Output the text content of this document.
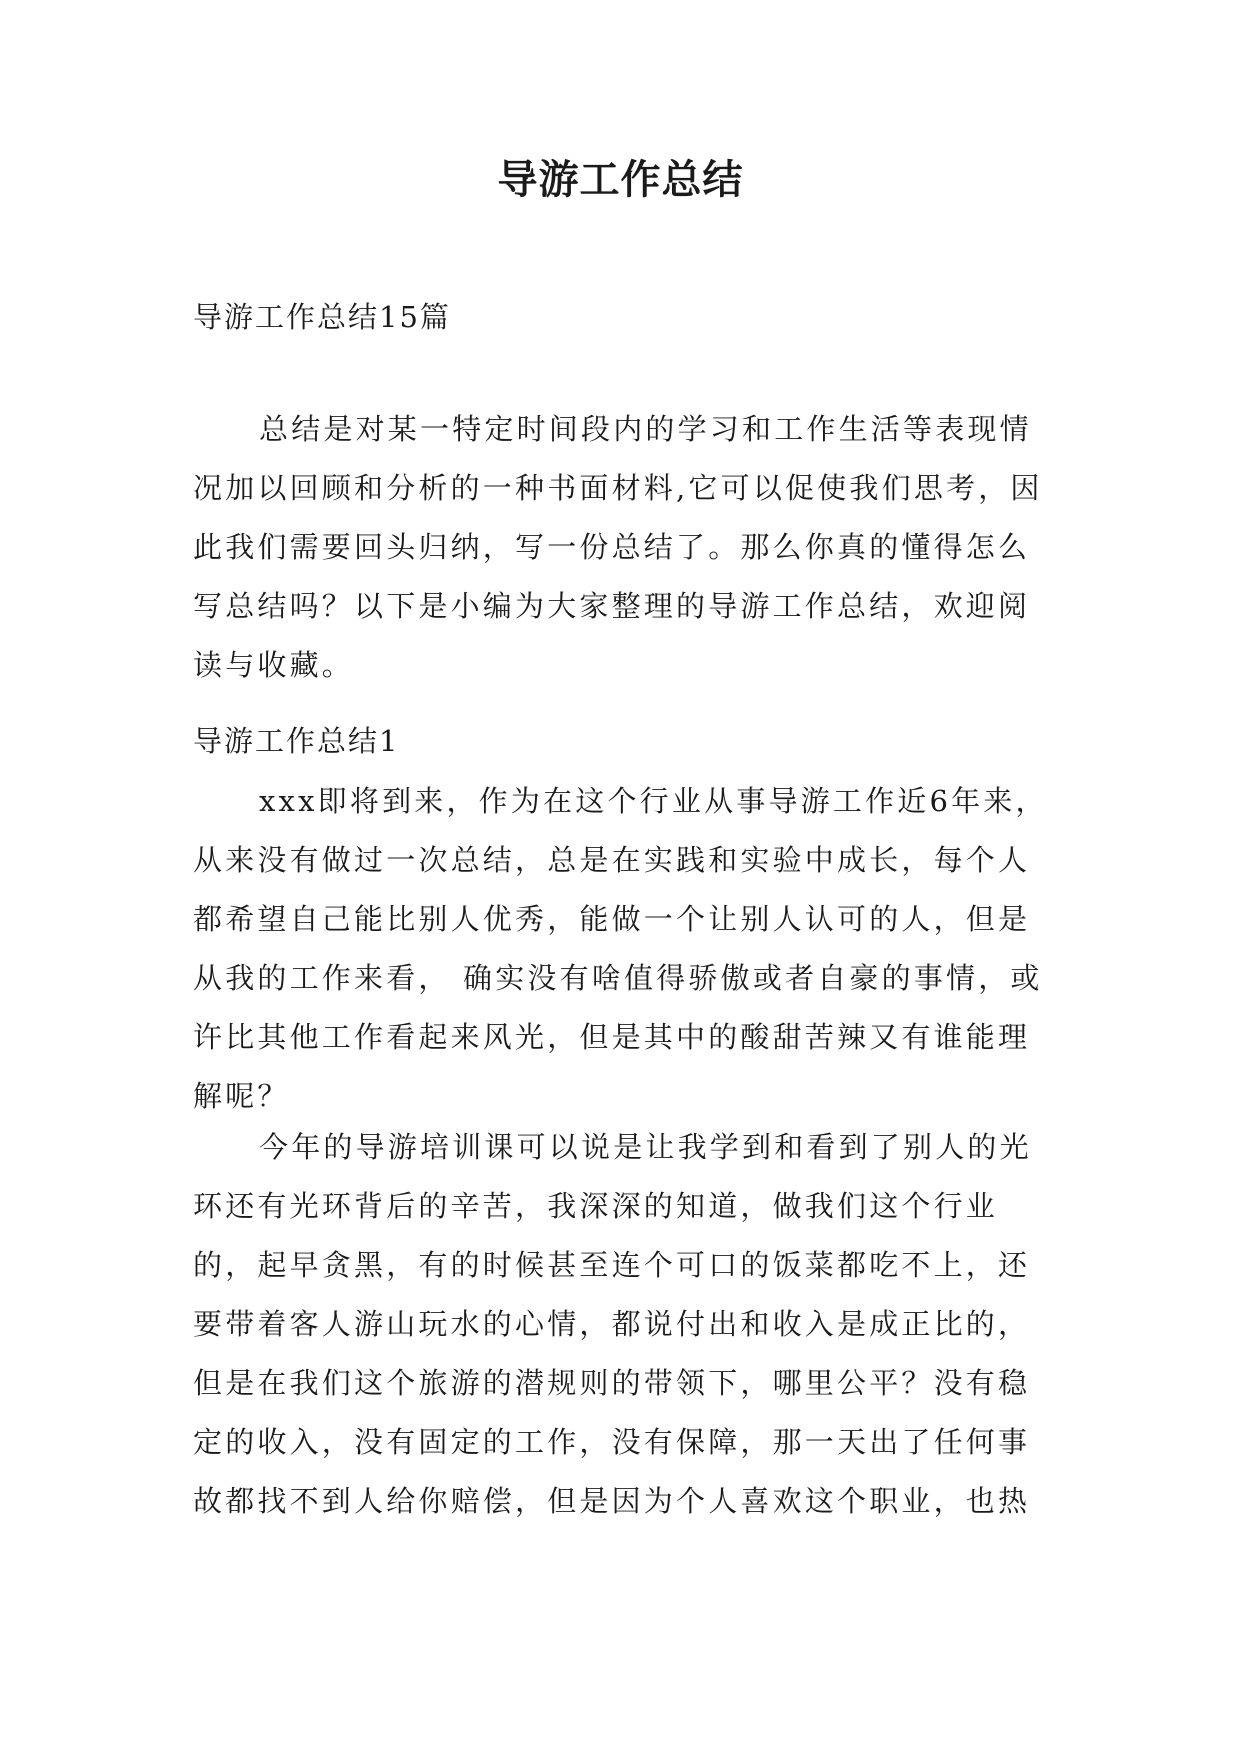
导游工作总结

导游工作总结15篇

总结是对某一特定时间段内的学习和工作生活等表现情况加以回顾和分析的一种书面材料,它可以促使我们思考，因此我们需要回头归纳，写一份总结了。那么你真的懂得怎么写总结吗？以下是小编为大家整理的导游工作总结，欢迎阅读与收藏。

导游工作总结1

xxx即将到来，作为在这个行业从事导游工作近6年来，从来没有做过一次总结，总是在实践和实验中成长，每个人都希望自己能比别人优秀，能做一个让别人认可的人，但是从我的工作来看， 确实没有啥值得骄傲或者自豪的事情，或许比其他工作看起来风光，但是其中的酸甜苦辣又有谁能理解呢？

今年的导游培训课可以说是让我学到和看到了别人的光环还有光环背后的辛苦，我深深的知道，做我们这个行业的，起早贪黑，有的时候甚至连个可口的饭菜都吃不上，还要带着客人游山玩水的心情，都说付出和收入是成正比的，但是在我们这个旅游的潜规则的带领下，哪里公平？没有稳定的收入，没有固定的工作，没有保障，那一天出了任何事故都找不到人给你赔偿，但是因为个人喜欢这个职业，也热
